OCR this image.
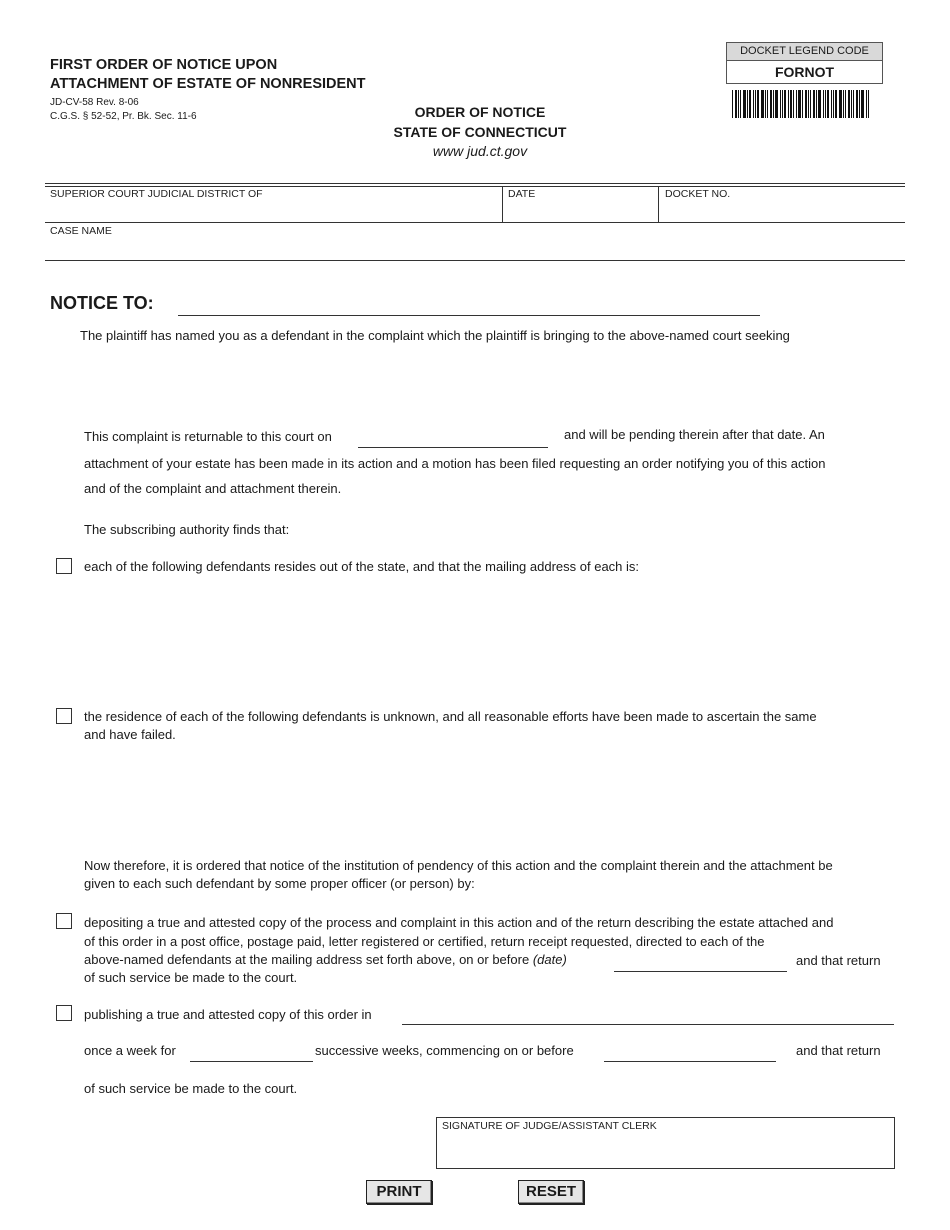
FIRST ORDER OF NOTICE UPON
ATTACHMENT OF ESTATE OF NONRESIDENT
JD-CV-58 Rev. 8-06
C.G.S. § 52-52, Pr. Bk. Sec. 11-6	ORDER OF NOTICE
STATE OF CONNECTICUT
www jud.ct.gov
DOCKET LEGEND CODE
FORNOT
SUPERIOR COURT JUDICIAL DISTRICT OF	DATE	DOCKET NO.
CASE NAME
NOTICE TO:
The plaintiff has named you as a defendant in the complaint which the plaintiff is bringing to the above-named court seeking
This complaint is returnable to this court on	and will be pending therein after that date. An
attachment of your estate has been made in its action and a motion has been filed requesting an order notifying you of this action
and of the complaint and attachment therein.
The subscribing authority finds that:
each of the following defendants resides out of the state, and that the mailing address of each is:
the residence of each of the following defendants is unknown, and all reasonable efforts have been made to ascertain the same
and have failed.
Now therefore, it is ordered that notice of the institution of pendency of this action and the complaint therein and the attachment be
given to each such defendant by some proper officer (or person) by:
depositing a true and attested copy of the process and complaint in this action and of the return describing the estate attached and
of this order in a post office, postage paid, letter registered or certified, return receipt requested, directed to each of the
above-named defendants at the mailing address set forth above, on or before (date)	and that return
of such service be made to the court.
publishing a true and attested copy of this order in
once a week for	successive weeks, commencing on or before	and that return
of such service be made to the court.
SIGNATURE OF JUDGE/ASSISTANT CLERK
PRINT	RESET
